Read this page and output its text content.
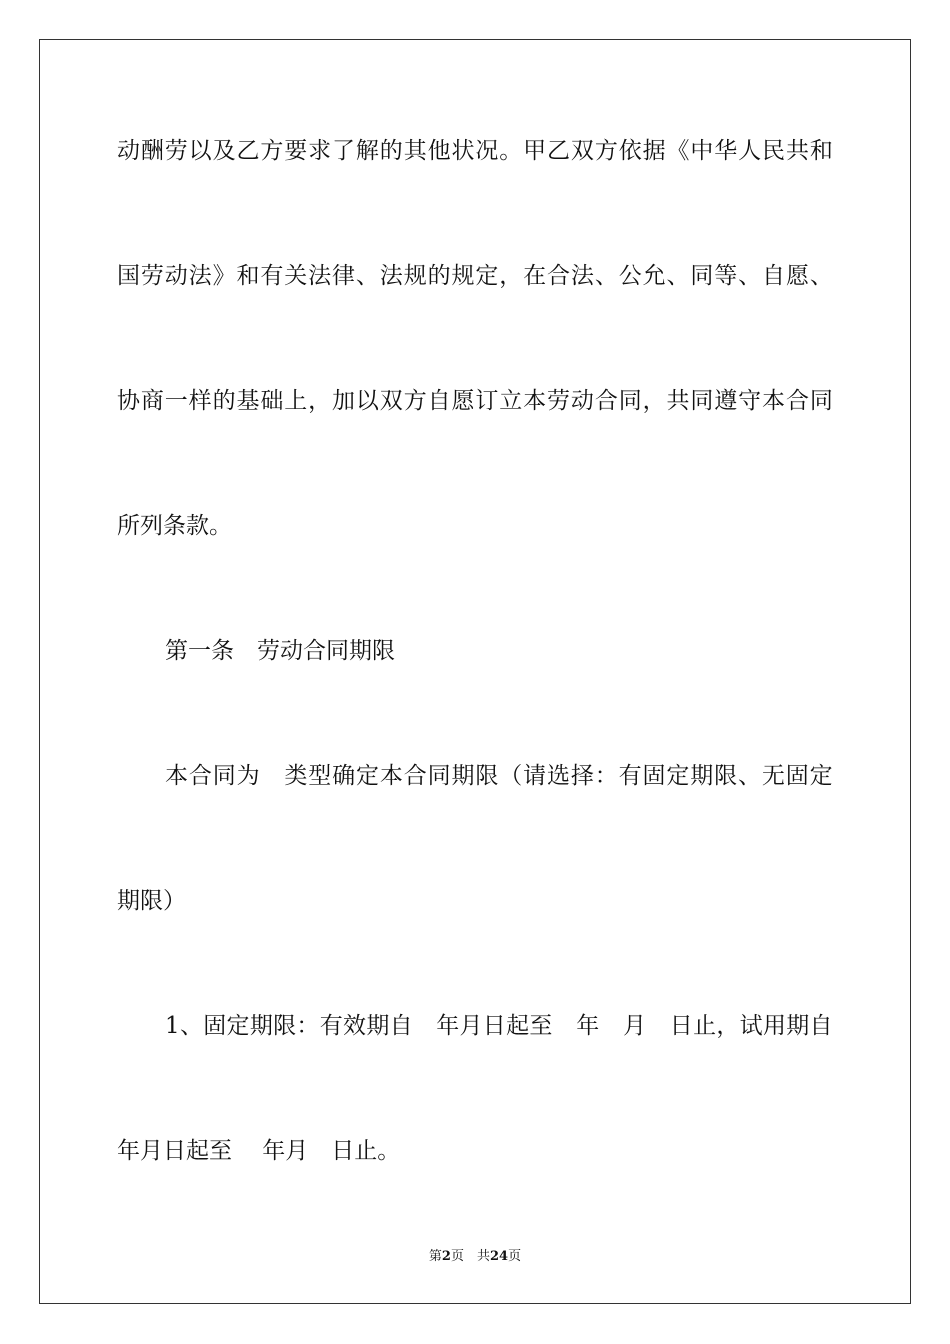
动 酬 劳 以 及 乙 方 要 求 了 解 的 其 他 状 况 。 甲 乙 双 方 依 据 《 中 华 人 民 共 和
国 劳 动 法 》 和 有 关 法 律 、 法 规 的 规 定 ， 在 合 法 、 公 允 、 同 等 、 自 愿 、
协 商 一 样 的 基 础 上 ， 加 以 双 方 自 愿 订 立 本 劳 动 合 同 ， 共 同 遵 守 本 合 同
所列条款。
第一条　劳动合同期限
本 合 同 为
　 类 型 确 定 本 合 同 期 限 （ 请 选 择 ： 有 固 定 期 限 、 无 固 定
期限）
1 、 固 定 期 限 ： 有 效 期 自
　 年 月 日 起 至
　 年
　 月
　 日 止 ， 试 用 期 自
年月日起至　 年月　日止。
第2页　共24页
